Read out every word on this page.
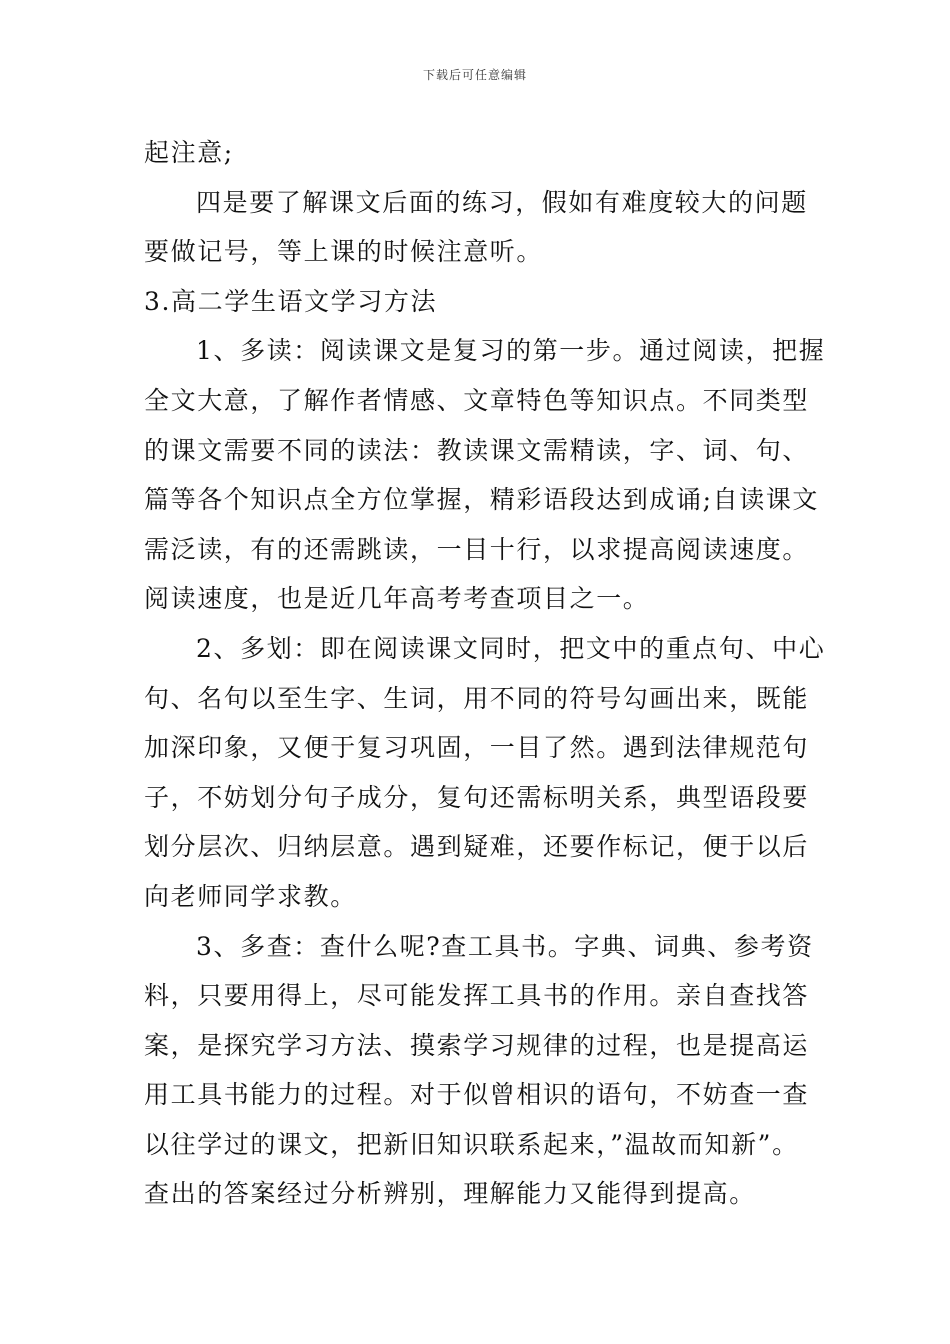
下载后可任意编辑
起注意;
四是要了解课文后面的练习，假如有难度较大的问题
要做记号，等上课的时候注意听。
3.高二学生语文学习方法
1、多读：阅读课文是复习的第一步。通过阅读，把握
全文大意，了解作者情感、文章特色等知识点。不同类型
的课文需要不同的读法：教读课文需精读，字、词、句、
篇等各个知识点全方位掌握，精彩语段达到成诵;自读课文
需泛读，有的还需跳读，一目十行，以求提高阅读速度。
阅读速度，也是近几年高考考查项目之一。
2、多划：即在阅读课文同时，把文中的重点句、中心
句、名句以至生字、生词，用不同的符号勾画出来，既能
加深印象，又便于复习巩固，一目了然。遇到法律规范句
子，不妨划分句子成分，复句还需标明关系，典型语段要
划分层次、归纳层意。遇到疑难，还要作标记，便于以后
向老师同学求教。
3、多查：查什么呢?查工具书。字典、词典、参考资
料，只要用得上，尽可能发挥工具书的作用。亲自查找答
案，是探究学习方法、摸索学习规律的过程，也是提高运
用工具书能力的过程。对于似曾相识的语句，不妨查一查
以往学过的课文，把新旧知识联系起来，”温故而知新”。
查出的答案经过分析辨别，理解能力又能得到提高。
